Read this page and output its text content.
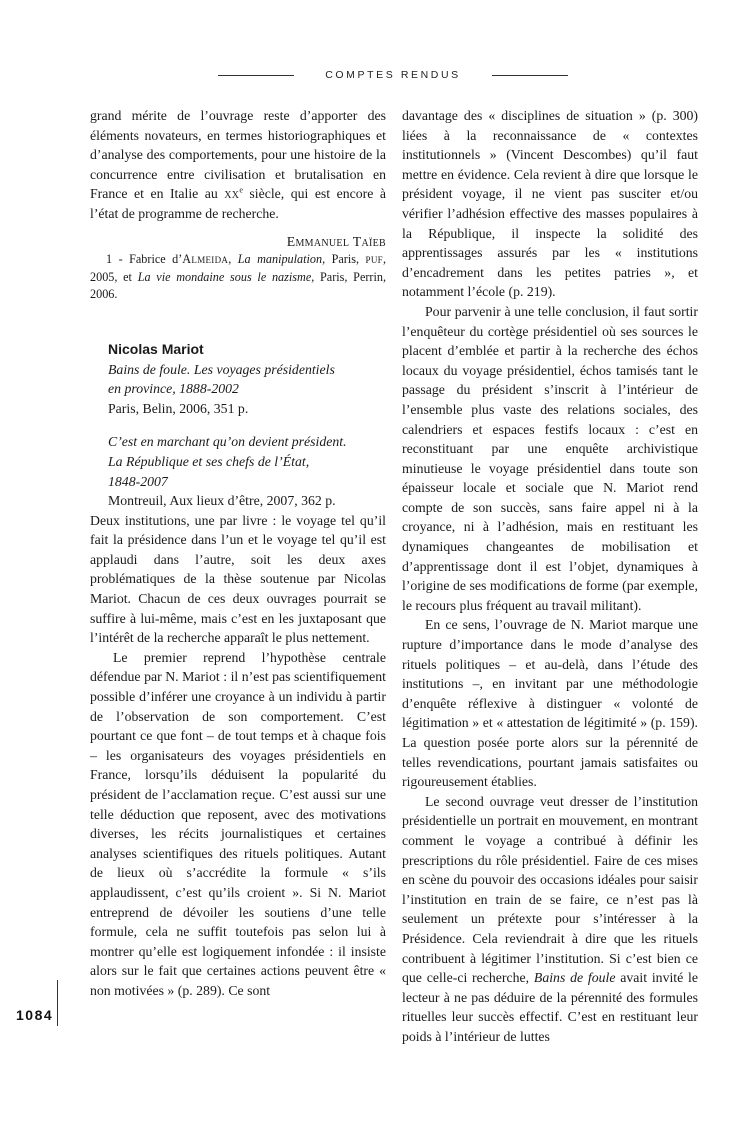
COMPTES RENDUS

grand mérite de l’ouvrage reste d’apporter des éléments novateurs, en termes historiographiques et d’analyse des comportements, pour une histoire de la concurrence entre civilisation et brutalisation en France et en Italie au $xx^e$ siècle, qui est encore à l’état de programme de recherche.

Emmanuel Taïeb

1 - Fabrice d’Almeida, La manipulation, Paris, puf, 2005, et La vie mondaine sous le nazisme, Paris, Perrin, 2006.

Nicolas Mariot
Bains de foule. Les voyages présidentiels
en province, 1888-2002
Paris, Belin, 2006, 351 p.
C’est en marchant qu’on devient président.
La République et ses chefs de l’État,
1848-2007
Montreuil, Aux lieux d’être, 2007, 362 p.

Deux institutions, une par livre : le voyage tel qu’il fait la présidence dans l’un et le voyage tel qu’il est applaudi dans l’autre, soit les deux axes problématiques de la thèse soutenue par Nicolas Mariot. Chacun de ces deux ouvrages pourrait se suffire à lui-même, mais c’est en les juxtaposant que l’intérêt de la recherche apparaît le plus nettement.

Le premier reprend l’hypothèse centrale défendue par N. Mariot : il n’est pas scientifiquement possible d’inférer une croyance à un individu à partir de l’observation de son comportement. C’est pourtant ce que font – de tout temps et à chaque fois – les organisateurs des voyages présidentiels en France, lorsqu’ils déduisent la popularité du président de l’acclamation reçue. C’est aussi sur une telle déduction que reposent, avec des motivations diverses, les récits journalistiques et certaines analyses scientifiques des rituels politiques. Autant de lieux où s’accrédite la formule « s’ils applaudissent, c’est qu’ils croient ». Si N. Mariot entreprend de dévoiler les soutiens d’une telle formule, cela ne suffit toutefois pas selon lui à montrer qu’elle est logiquement infondée : il insiste alors sur le fait que certaines actions peuvent être « non motivées » (p. 289). Ce sont

davantage des « disciplines de situation » (p. 300) liées à la reconnaissance de « contextes institutionnels » (Vincent Descombes) qu’il faut mettre en évidence. Cela revient à dire que lorsque le président voyage, il ne vient pas susciter et/ou vérifier l’adhésion effective des masses populaires à la République, il inspecte la solidité des apprentissages assurés par les « institutions d’encadrement dans les petites patries », et notamment l’école (p. 219).

Pour parvenir à une telle conclusion, il faut sortir l’enquêteur du cortège présidentiel où ses sources le placent d’emblée et partir à la recherche des échos locaux du voyage présidentiel, échos tamisés tant le passage du président s’inscrit à l’intérieur de l’ensemble plus vaste des relations sociales, des calendriers et espaces festifs locaux : c’est en reconstituant par une enquête archivistique minutieuse le voyage présidentiel dans toute son épaisseur locale et sociale que N. Mariot rend compte de son succès, sans faire appel ni à la croyance, ni à l’adhésion, mais en restituant les dynamiques changeantes de mobilisation et d’apprentissage dont il est l’objet, dynamiques à l’origine de ses modifications de forme (par exemple, le recours plus fréquent au travail militant).

En ce sens, l’ouvrage de N. Mariot marque une rupture d’importance dans le mode d’analyse des rituels politiques – et au-delà, dans l’étude des institutions –, en invitant par une méthodologie d’enquête réflexive à distinguer « volonté de légitimation » et « attestation de légitimité » (p. 159). La question posée porte alors sur la pérennité de telles revendications, pourtant jamais satisfaites ou rigoureusement établies.

Le second ouvrage veut dresser de l’institution présidentielle un portrait en mouvement, en montrant comment le voyage a contribué à définir les prescriptions du rôle présidentiel. Faire de ces mises en scène du pouvoir des occasions idéales pour saisir l’institution en train de se faire, ce n’est pas là seulement un prétexte pour s’intéresser à la Présidence. Cela reviendrait à dire que les rituels contribuent à légitimer l’institution. Si c’est bien ce que celle-ci recherche, Bains de foule avait invité le lecteur à ne pas déduire de la pérennité des formules rituelles leur succès effectif. C’est en restituant leur poids à l’intérieur de luttes

1084
